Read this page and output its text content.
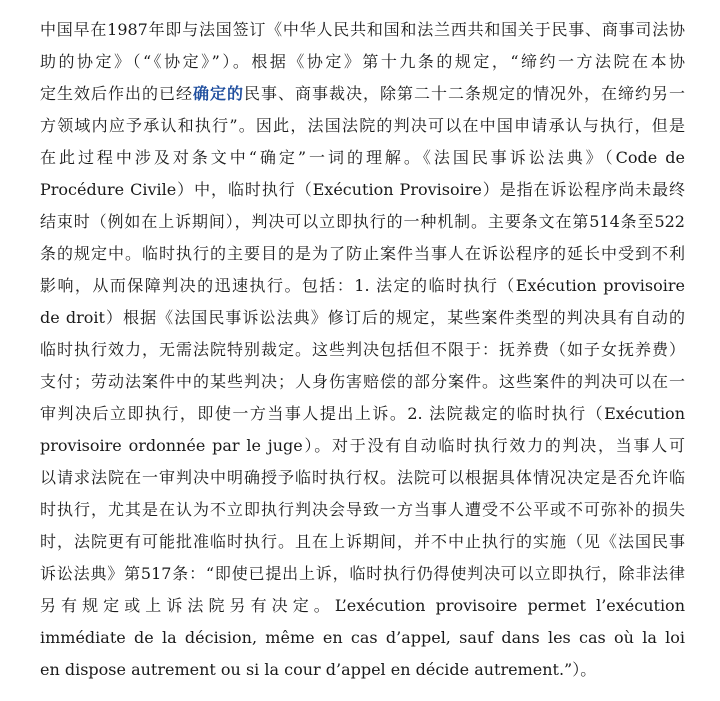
中国早在1987年即与法国签订《中华人民共和国和法兰西共和国关于民事、商事司法协
助的协定》（“《协定》”）。根据《协定》第十九条的规定，“缔约一方法院在本协
定生效后作出的已经确定的民事、商事裁决，除第二十二条规定的情况外，在缔约另一
方领域内应予承认和执行”。因此，法国法院的判决可以在中国申请承认与执行，但是
在此过程中涉及对条文中“确定”一词的理解。《法国民事诉讼法典》（Code de
Procédure Civile）中，临时执行（Exécution Provisoire）是指在诉讼程序尚未最终
结束时（例如在上诉期间），判决可以立即执行的一种机制。主要条文在第514条至522
条的规定中。临时执行的主要目的是为了防止案件当事人在诉讼程序的延长中受到不利
影响，从而保障判决的迅速执行。包括：1. 法定的临时执行（Exécution provisoire
de droit）根据《法国民事诉讼法典》修订后的规定，某些案件类型的判决具有自动的
临时执行效力，无需法院特别裁定。这些判决包括但不限于：抚养费（如子女抚养费）
支付；劳动法案件中的某些判决；人身伤害赔偿的部分案件。这些案件的判决可以在一
审判决后立即执行，即使一方当事人提出上诉。2. 法院裁定的临时执行（Exécution
provisoire ordonnée par le juge）。对于没有自动临时执行效力的判决，当事人可
以请求法院在一审判决中明确授予临时执行权。法院可以根据具体情况决定是否允许临
时执行，尤其是在认为不立即执行判决会导致一方当事人遭受不公平或不可弥补的损失
时，法院更有可能批准临时执行。且在上诉期间，并不中止执行的实施（见《法国民事
诉讼法典》第517条：“即使已提出上诉，临时执行仍得使判决可以立即执行，除非法律
另有规定或上诉法院另有决定。L’exécution provisoire permet l’exécution
immédiate de la décision, même en cas d’appel, sauf dans les cas où la loi
en dispose autrement ou si la cour d’appel en décide autrement.”）。
